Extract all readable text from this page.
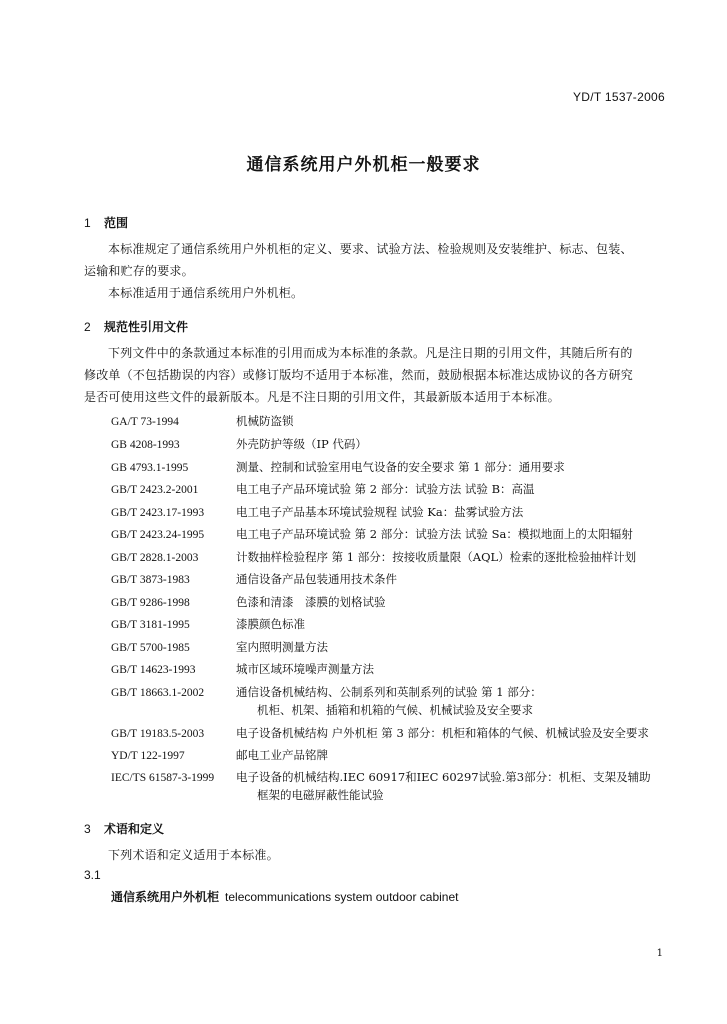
YD/T 1537-2006
通信系统用户外机柜一般要求
1 范围
本标准规定了通信系统用户外机柜的定义、要求、试验方法、检验规则及安装维护、标志、包装、
运输和贮存的要求。
本标准适用于通信系统用户外机柜。
2 规范性引用文件
下列文件中的条款通过本标准的引用而成为本标准的条款。凡是注日期的引用文件，其随后所有的
修改单（不包括勘误的内容）或修订版均不适用于本标准，然而，鼓励根据本标准达成协议的各方研究
是否可使用这些文件的最新版本。凡是不注日期的引用文件，其最新版本适用于本标准。
GA/T 73-1994	机械防盗锁
GB 4208-1993	外壳防护等级（IP 代码）
GB 4793.1-1995	测量、控制和试验室用电气设备的安全要求 第 1 部分：通用要求
GB/T 2423.2-2001	电工电子产品环境试验 第 2 部分：试验方法 试验 B：高温
GB/T 2423.17-1993	电工电子产品基本环境试验规程 试验 Ka：盐雾试验方法
GB/T 2423.24-1995	电工电子产品环境试验 第 2 部分：试验方法 试验 Sa：模拟地面上的太阳辐射
GB/T 2828.1-2003	计数抽样检验程序 第 1 部分：按接收质量限（AQL）检索的逐批检验抽样计划
GB/T 3873-1983	通信设备产品包装通用技术条件
GB/T 9286-1998	色漆和清漆　漆膜的划格试验
GB/T 3181-1995	漆膜颜色标准
GB/T 5700-1985	室内照明测量方法
GB/T 14623-1993	城市区域环境噪声测量方法
GB/T 18663.1-2002	通信设备机械结构、公制系列和英制系列的试验 第 1 部分：
机柜、机架、插箱和机箱的气候、机械试验及安全要求
GB/T 19183.5-2003	电子设备机械结构 户外机柜 第 3 部分：机柜和箱体的气候、机械试验及安全要求
YD/T 122-1997	邮电工业产品铭牌
IEC/TS 61587-3-1999 电子设备的机械结构.IEC 60917和IEC 60297试验.第3部分：机柜、支架及辅助
框架的电磁屏蔽性能试验
3 术语和定义
下列术语和定义适用于本标准。
3.1
通信系统用户外机柜 telecommunications system outdoor cabinet
1
